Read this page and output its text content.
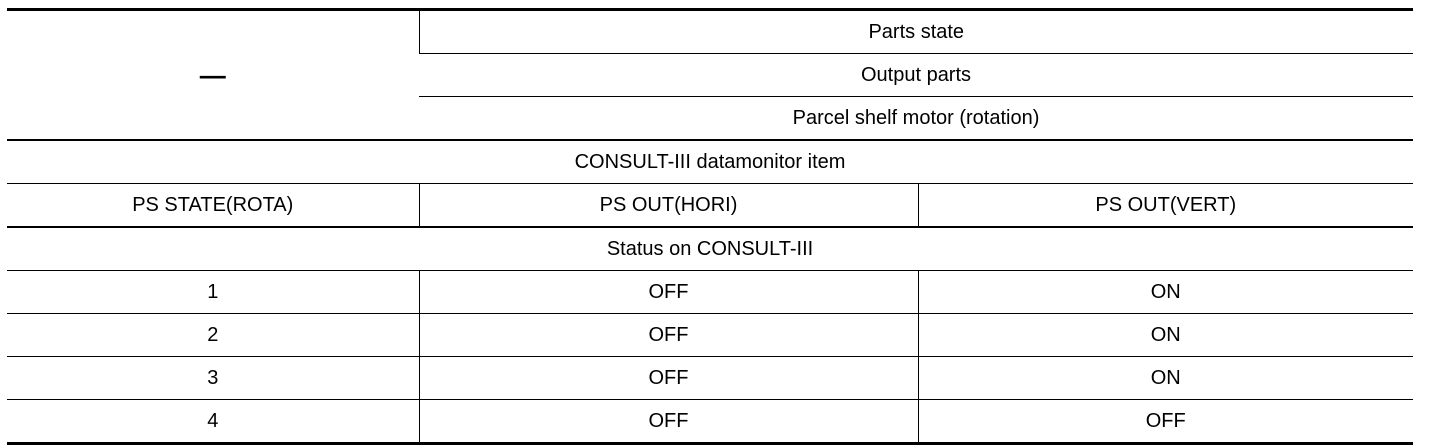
—	Parts state	
	Output parts	
	Parcel shelf motor (rotation)	
CONSULT-III datamonitor item		
PS STATE(ROTA)	PS OUT(HORI)	PS OUT(VERT)
Status on CONSULT-III		
1	OFF	ON
2	OFF	ON
3	OFF	ON
4	OFF	OFF
